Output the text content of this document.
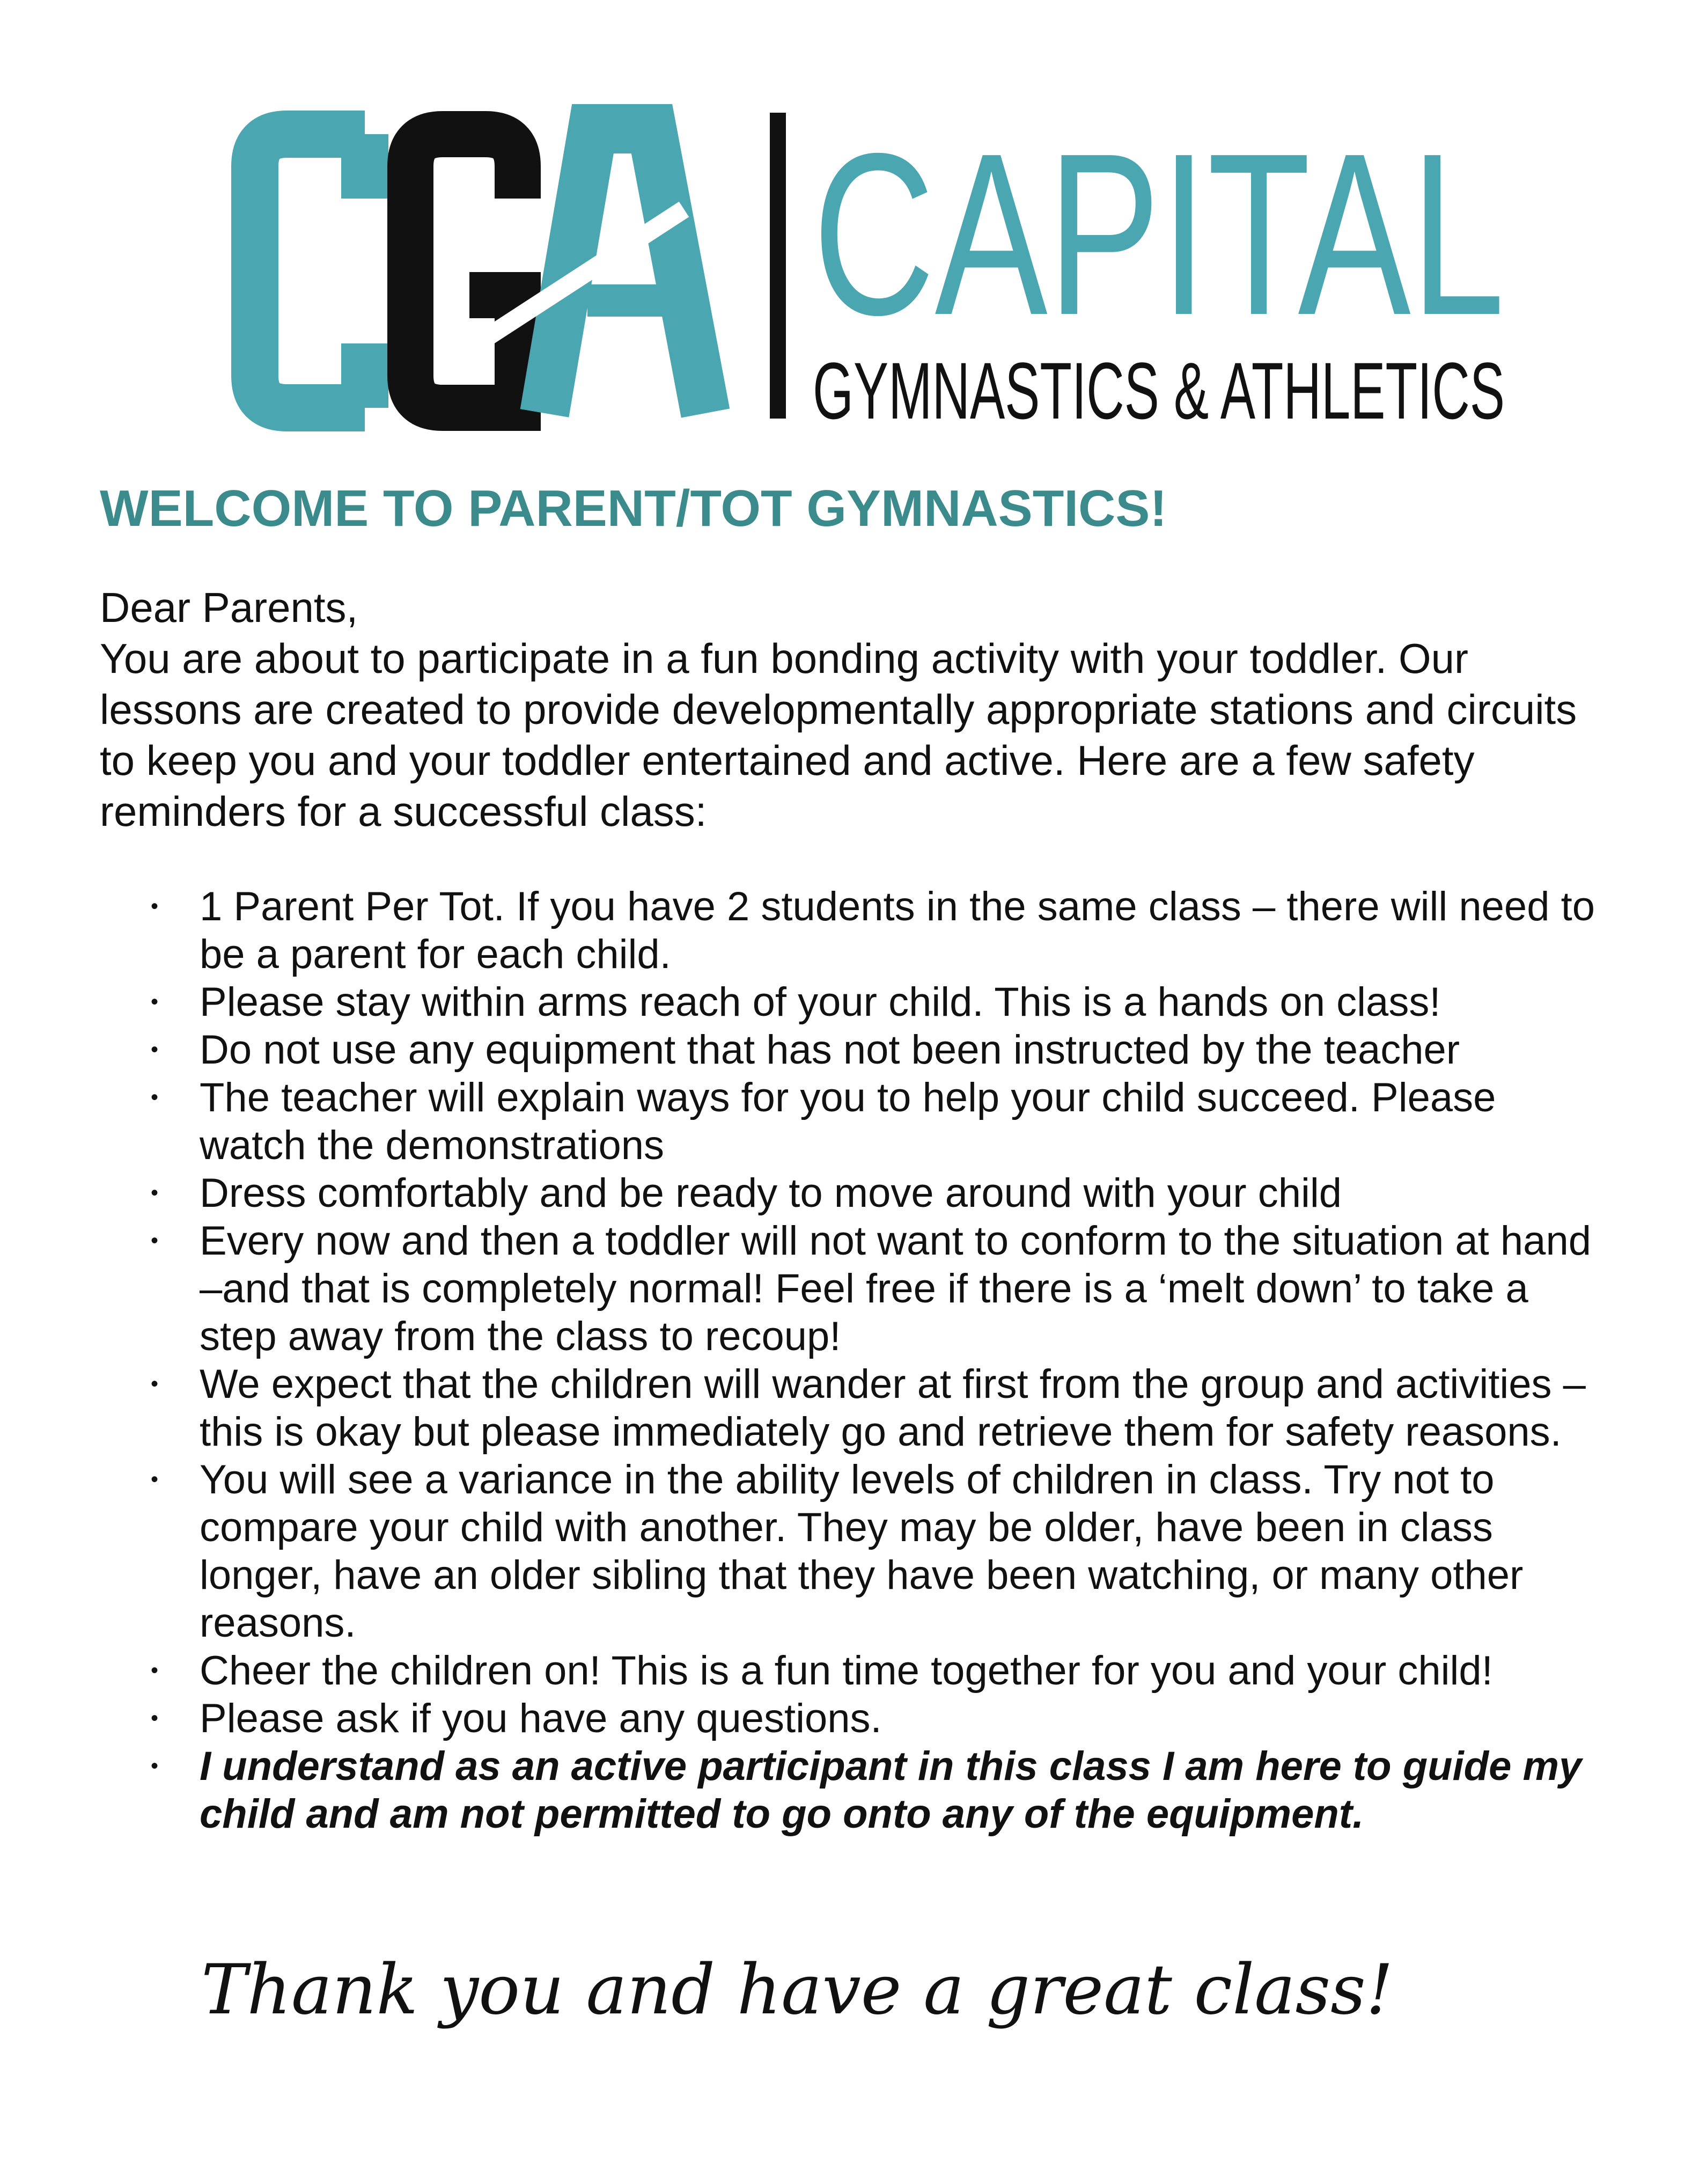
CAPITAL
GYMNASTICS & ATHLETICS
WELCOME TO PARENT/TOT GYMNASTICS!

Dear Parents,

You are about to participate in a fun bonding activity with your toddler. Our lessons are created to provide developmentally appropriate stations and circuits to keep you and your toddler entertained and active. Here are a few safety reminders for a successful class:

• 1 Parent Per Tot. If you have 2 students in the same class – there will need to be a parent for each child.
• Please stay within arms reach of your child. This is a hands on class!
• Do not use any equipment that has not been instructed by the teacher
• The teacher will explain ways for you to help your child succeed. Please watch the demonstrations
• Dress comfortably and be ready to move around with your child
• Every now and then a toddler will not want to conform to the situation at hand –and that is completely normal! Feel free if there is a ‘melt down’ to take a step away from the class to recoup!
• We expect that the children will wander at first from the group and activities – this is okay but please immediately go and retrieve them for safety reasons.
• You will see a variance in the ability levels of children in class. Try not to compare your child with another. They may be older, have been in class longer, have an older sibling that they have been watching, or many other reasons.
• Cheer the children on! This is a fun time together for you and your child!
• Please ask if you have any questions.
• I understand as an active participant in this class I am here to guide my child and am not permitted to go onto any of the equipment.
Thank you and have a great class!
